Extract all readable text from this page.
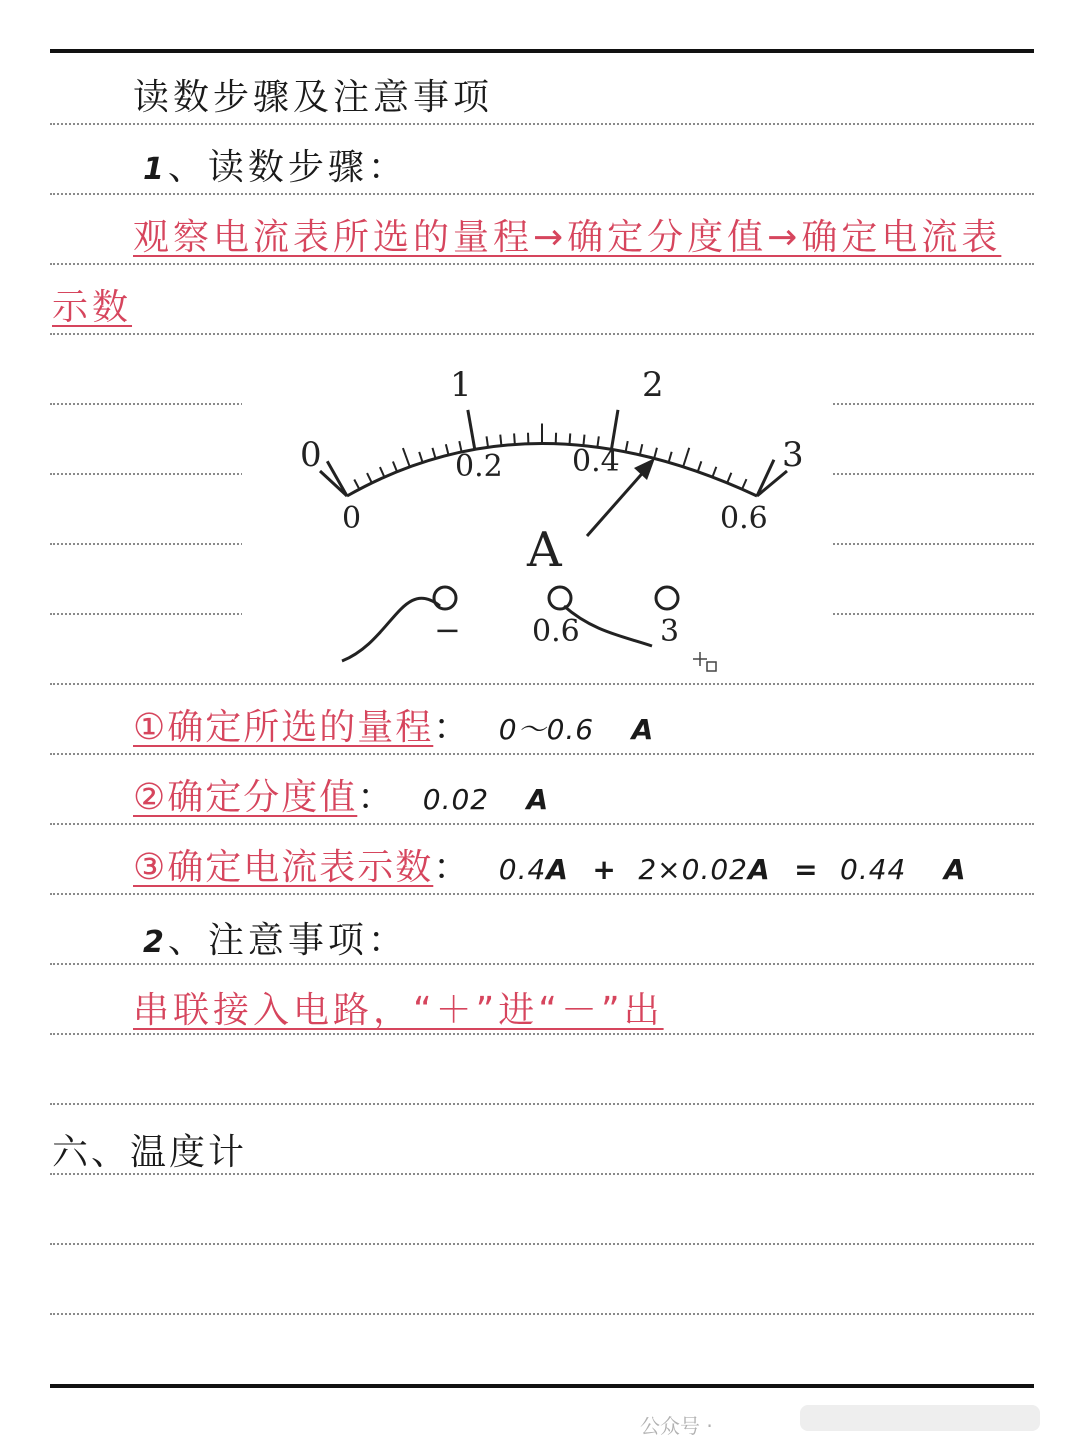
读数步骤及注意事项
1、读数步骤：
观察电流表所选的量程→确定分度值→确定电流表
示数
0
1	2
3
0
0.2 0.4
0.6
A
− 0.6	3
①确定所选的量程： 0～0.6 A
②确定分度值： 0.02 A
③确定电流表示数： 0.4A + 2×0.02A = 0.44 A
2、注意事项：
串联接入电路，“＋”进“－”出
六、温度计
公众号 ·
